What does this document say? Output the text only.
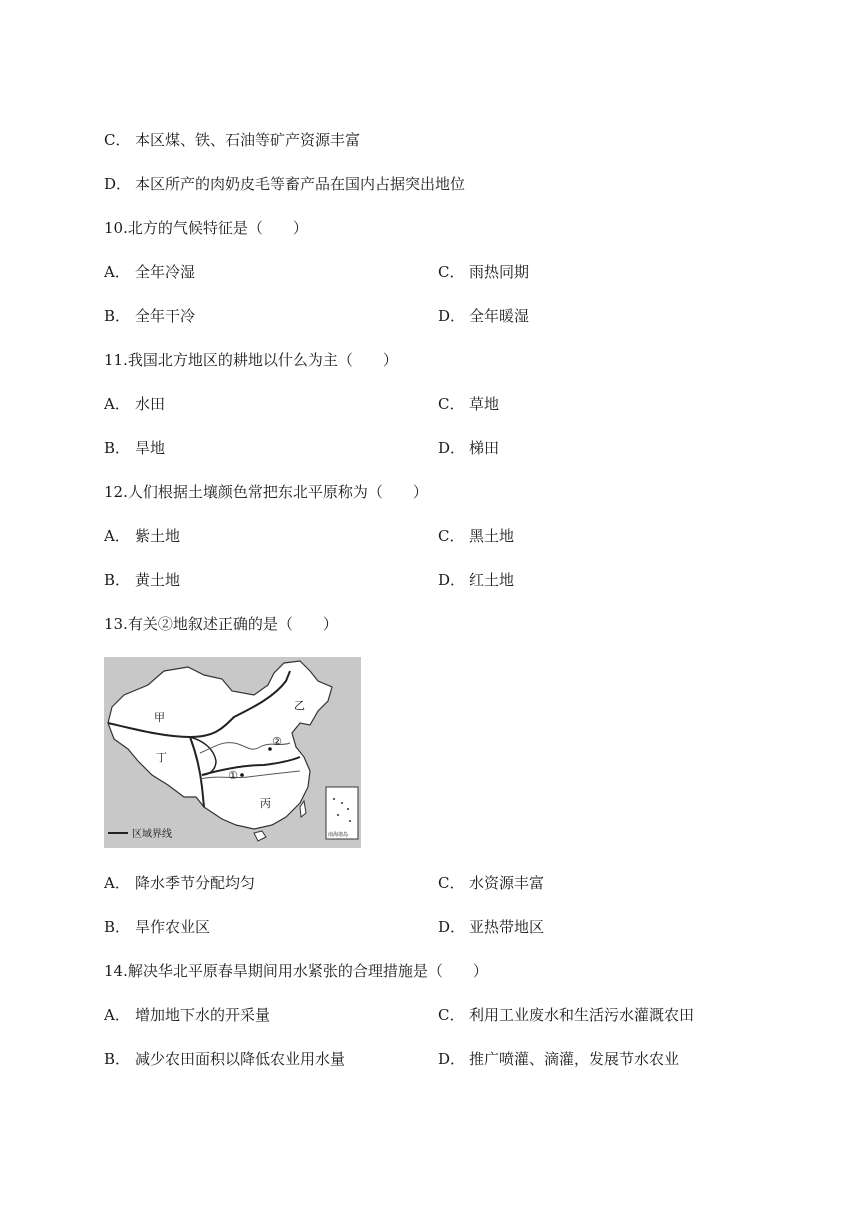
C． 本区煤、铁、石油等矿产资源丰富
D． 本区所产的肉奶皮毛等畜产品在国内占据突出地位
10.北方的气候特征是（　　）
A． 全年冷湿	C． 雨热同期
B． 全年干冷	D． 全年暖湿
11.我国北方地区的耕地以什么为主（　　）
A． 水田	C． 草地
B． 旱地	D． 梯田
12.人们根据土壤颜色常把东北平原称为（　　）
A． 紫土地	C． 黑土地
B． 黄土地	D． 红土地
13.有关②地叙述正确的是（　　）
甲
乙
丁
丙
①
②
区域界线	南海诸岛
A． 降水季节分配均匀	C． 水资源丰富
B． 旱作农业区	D． 亚热带地区
14.解决华北平原春旱期间用水紧张的合理措施是（　　）
A． 增加地下水的开采量	C． 利用工业废水和生活污水灌溉农田
B． 减少农田面积以降低农业用水量	D． 推广喷灌、滴灌，发展节水农业
